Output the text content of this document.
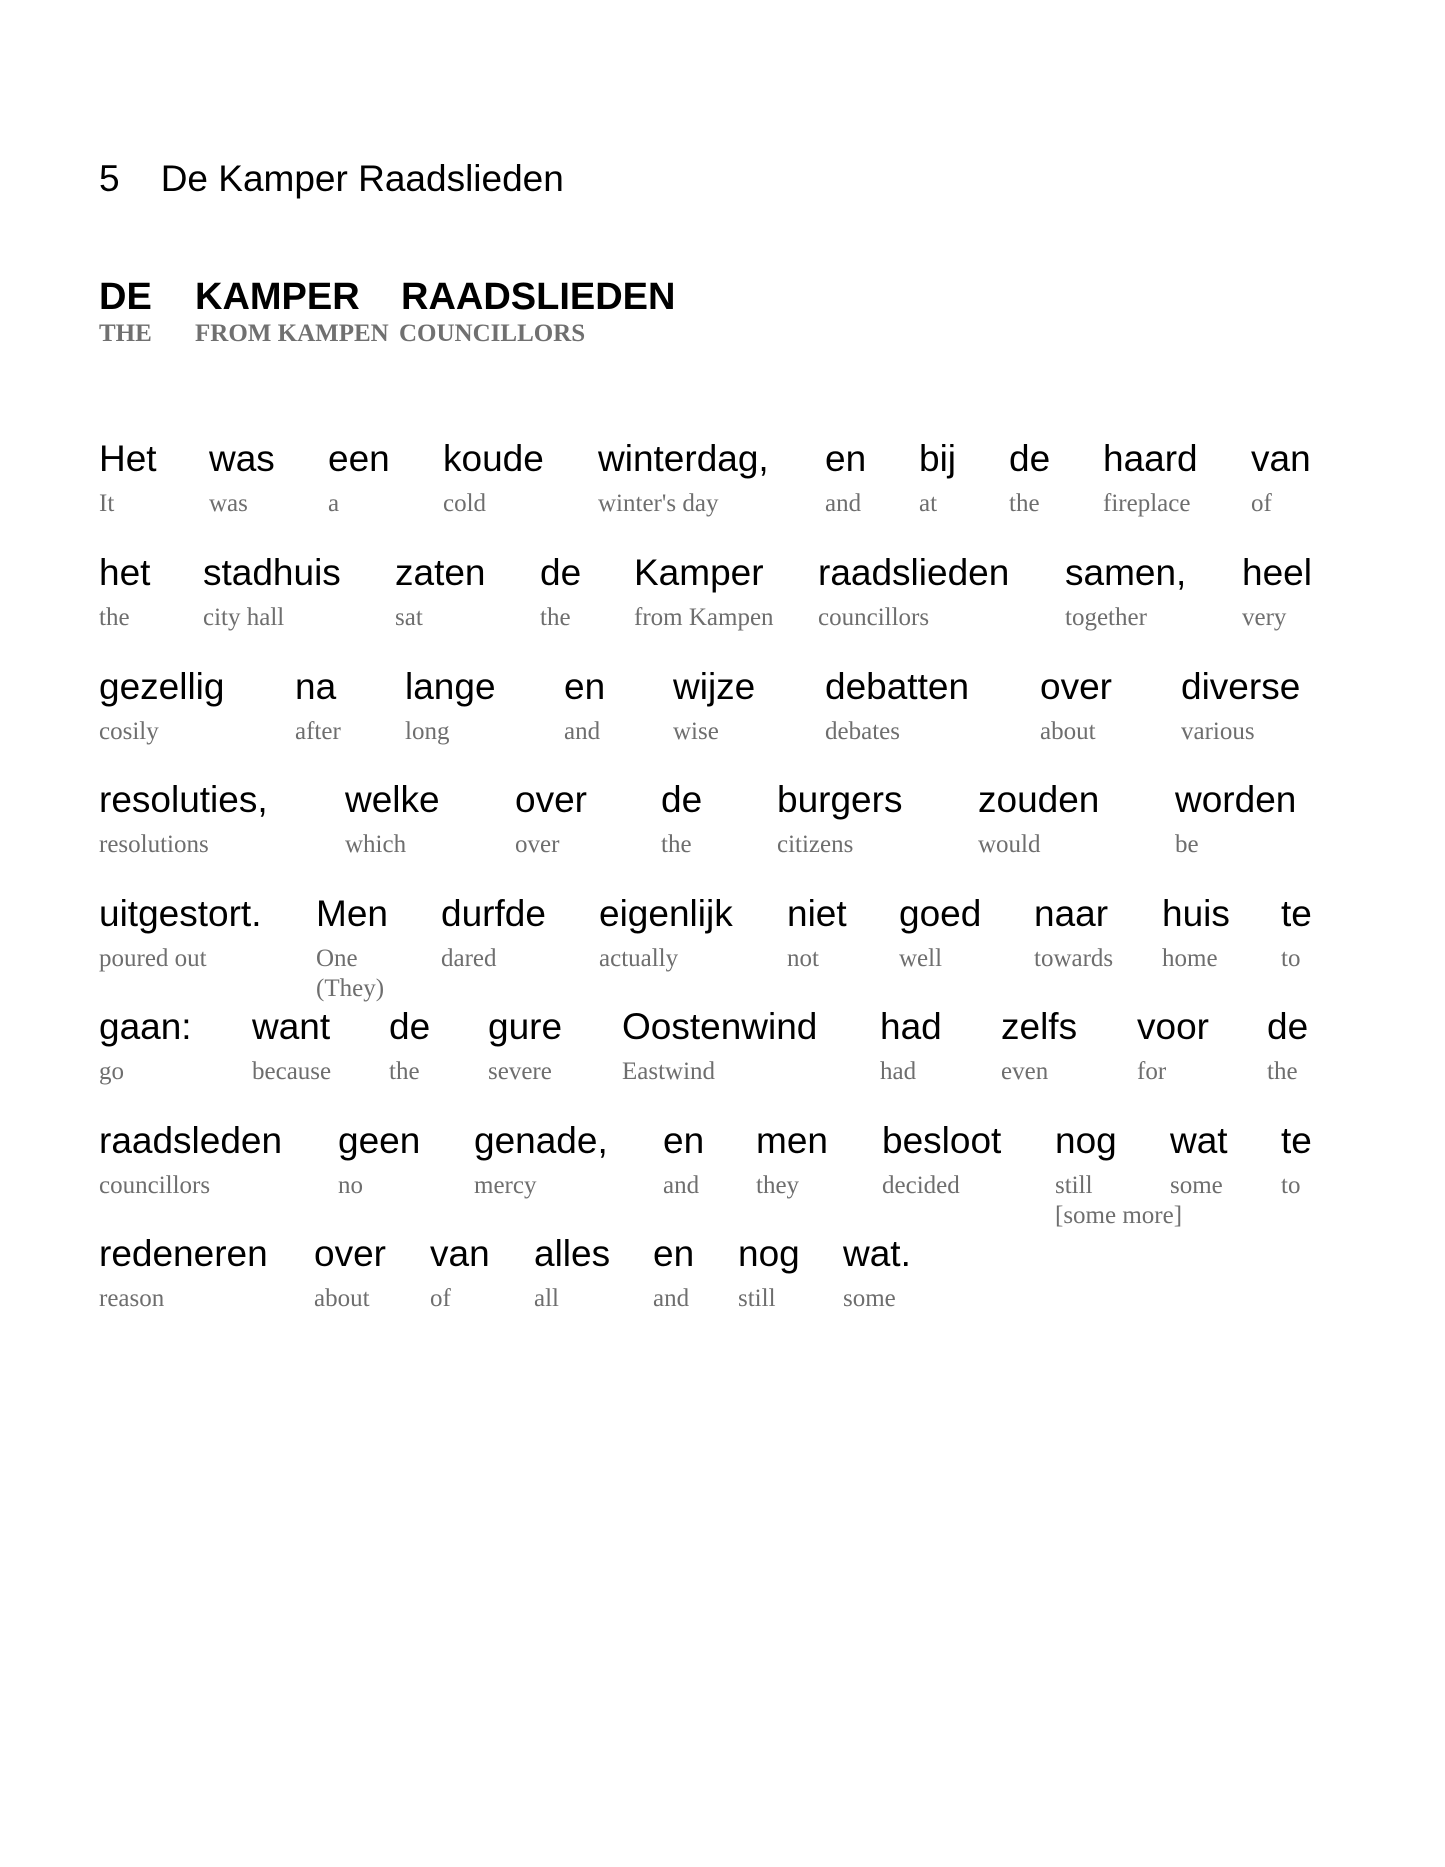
5 De Kamper Raadslieden
DE KAMPER RAADSLIEDEN
THE FROM KAMPEN COUNCILLORS
Het
It
was
was
een
a
koude
cold
winterdag,
winter's day
en
and
bij
at
de
the
haard
fireplace
van
of
het
the
stadhuis
city hall
zaten
sat
de
the
Kamper
from Kampen
raadslieden
councillors
samen,
together
heel
very
gezellig
cosily
na
after
lange
long
en
and
wijze
wise
debatten
debates
over
about
diverse
various
resoluties,
resolutions
welke
which
over
over
de
the
burgers
citizens
zouden
would
worden
be
uitgestort.
poured out
Men
One
(They)
durfde
dared
eigenlijk
actually
niet
not
goed
well
naar
towards
huis
home
te
to
gaan:
go
want
because
de
the
gure
severe
Oostenwind
Eastwind
had
had
zelfs
even
voor
for
de
the
raadsleden
councillors
geen
no
genade,
mercy
en
and
men
they
besloot
decided
nog
still
[some more]
wat
some
te
to
redeneren
reason
over
about
van
of
alles
all
en
and
nog
still
wat.
some
